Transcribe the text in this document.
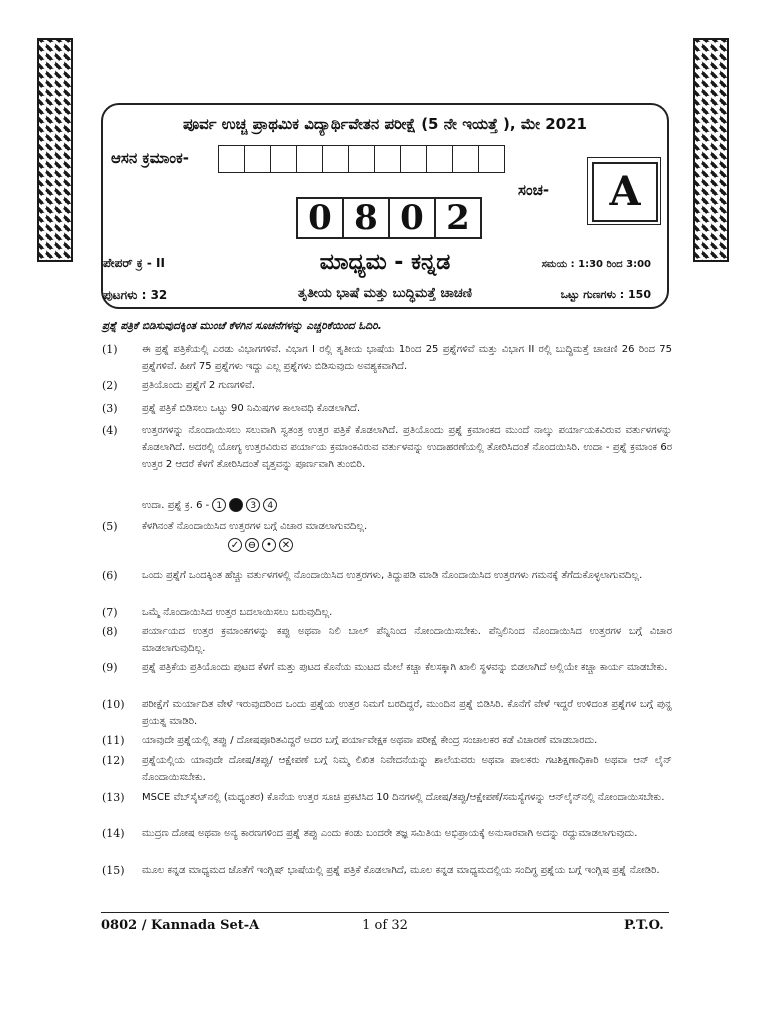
ಪೂರ್ವ ಉಚ್ಚ ಪ್ರಾಥಮಿಕ ವಿದ್ಯಾರ್ಥಿವೇತನ ಪರೀಕ್ಷೆ (5 ನೇ ಇಯತ್ತೆ ), ಮೇ 2021
ಆಸನ ಕ್ರಮಾಂಕ-
0 8 0 2
ಸಂಚ-	A
ಮಾಧ್ಯಮ - ಕನ್ನಡ
ಪೇಪರ್ ಕ್ರ - II	ಸಮಯ : 1:30 ರಿಂದ 3:00
ಪುಟಗಳು : 32	ತೃತೀಯ ಭಾಷೆ ಮತ್ತು ಬುದ್ಧಿಮತ್ತೆ ಚಾಚಣಿ	ಒಟ್ಟು ಗುಣಗಳು : 150
ಪ್ರಶ್ನೆ ಪತ್ರಿಕೆ ಬಿಡಿಸುವುದಕ್ಕಿಂತ ಮುಂಚೆ ಕೆಳಗಿನ ಸೂಚನೆಗಳನ್ನು ಎಚ್ಚರಿಕೆಯಿಂದ ಓದಿರಿ.
(1) ಈ ಪ್ರಶ್ನೆ ಪತ್ರಿಕೆಯಲ್ಲಿ ಎರಡು ವಿಭಾಗಗಳಿವೆ. ವಿಭಾಗ I ರಲ್ಲಿ ತೃತೀಯ ಭಾಷೆಯ 1ರಿಂದ 25 ಪ್ರಶ್ನೆಗಳಿವೆ ಮತ್ತು ವಿಭಾಗ II ರಲ್ಲಿ ಬುದ್ಧಿಮತ್ತೆ ಚಾಚಣಿ 26 ರಿಂದ 75 ಪ್ರಶ್ನೆಗಳಿವೆ. ಹೀಗೆ 75 ಪ್ರಶ್ನೆಗಳು ಇದ್ದು ಎಲ್ಲ ಪ್ರಶ್ನೆಗಳು ಬಿಡಿಸುವುದು ಅವಶ್ಯಕವಾಗಿದೆ.
(2) ಪ್ರತಿಯೊಂದು ಪ್ರಶ್ನೆಗೆ 2 ಗುಣಗಳಿವೆ.
(3) ಪ್ರಶ್ನೆ ಪತ್ರಿಕೆ ಬಿಡಿಸಲು ಒಟ್ಟು 90 ನಿಮಿಷಗಳ ಕಾಲಾವಧಿ ಕೊಡಲಾಗಿದೆ.
(4) ಉತ್ತರಗಳನ್ನು ನೊಂದಾಯಿಸಲು ಸಲುವಾಗಿ ಸ್ವತಂತ್ರ ಉತ್ತರ ಪತ್ರಿಕೆ ಕೊಡಲಾಗಿದೆ. ಪ್ರತಿಯೊಂದು ಪ್ರಶ್ನೆ ಕ್ರಮಾಂಕದ ಮುಂದೆ ನಾಲ್ಕು ಪರ್ಯಾಯಕವಿರುವ ವರ್ತುಳಗಳನ್ನು ಕೊಡಲಾಗಿದೆ. ಅದರಲ್ಲಿ ಯೋಗ್ಯ ಉತ್ತರವಿರುವ ಪರ್ಯಾಯ ಕ್ರಮಾಂಕವಿರುವ ವರ್ತುಳವನ್ನು ಉದಾಹರಣೆಯಲ್ಲಿ ತೋರಿಸಿದಂತೆ ನೊಂದಯಿಸಿರಿ. ಉದಾ - ಪ್ರಶ್ನೆ ಕ್ರಮಾಂಕ 6ರ ಉತ್ತರ 2 ಆದರೆ ಕೆಳಗೆ ತೋರಿಸಿದಂತೆ ವೃತ್ತವನ್ನು ಪೂರ್ಣವಾಗಿ ತುಂಬಿರಿ.
ಉದಾ. ಪ್ರಶ್ನೆ ಕ್ರ. 6 - 1	3	4
(5) ಕೆಳಗಿನಂತೆ ನೊಂದಾಯಿಸಿದ ಉತ್ತರಗಳ ಬಗ್ಗೆ ವಿಚಾರ ಮಾಡಲಾಗುವದಿಲ್ಲ.
✓ ⊖ • ✕
(6) ಒಂದು ಪ್ರಶ್ನೆಗೆ ಒಂದಕ್ಕಿಂತ ಹೆಚ್ಚು ವರ್ತುಳಗಳಲ್ಲಿ ನೊಂದಾಯಿಸಿದ ಉತ್ತರಗಳು, ತಿದ್ದುಪಡಿ ಮಾಡಿ ನೊಂದಾಯಿಸಿದ ಉತ್ತರಗಳು ಗಮನಕ್ಕೆ ತೆಗೆದುಕೊಳ್ಳಲಾಗುವದಿಲ್ಲ.
(7) ಒಮ್ಮೆ ನೊಂದಾಯಿಸಿದ ಉತ್ತರ ಬದಲಾಯಿಸಲು ಬರುವುದಿಲ್ಲ.
(8) ಪರ್ಯಾಯದ ಉತ್ತರ ಕ್ರಮಾಂಕಗಳನ್ನು ಕಪ್ಪು ಅಥವಾ ನಿಲಿ ಬಾಲ್ ಪೆನ್ನಿನಿಂದ ನೋಂದಾಯಿಸಬೇಕು. ಪೆನ್ಸಿಲಿನಿಂದ ನೊಂದಾಯಿಸಿದ ಉತ್ತರಗಳ ಬಗ್ಗೆ ವಿಚಾರ ಮಾಡಲಾಗುವುದಿಲ್ಲ.
(9) ಪ್ರಶ್ನೆ ಪತ್ರಿಕೆಯ ಪ್ರತಿಯೊಂದು ಪುಟದ ಕೆಳಗೆ ಮತ್ತು ಪುಟದ ಕೊನೆಯ ಮುಟದ ಮೇಲೆ ಕಚ್ಚಾ ಕೆಲಸಕ್ಕಾಗಿ ಖಾಲಿ ಸ್ಥಳವನ್ನು ಬಿಡಲಾಗಿದೆ ಅಲ್ಲಿಯೇ ಕಚ್ಚಾ ಕಾರ್ಯ ಮಾಡಬೇಕು.
(10) ಪರೀಕ್ಷೆಗೆ ಮರ್ಯಾದಿತ ವೇಳೆ ಇರುವುದರಿಂದ ಒಂದು ಪ್ರಶ್ನೆಯ ಉತ್ತರ ನಿಮಗೆ ಬರದಿದ್ದರೆ, ಮುಂದಿನ ಪ್ರಶ್ನೆ ಬಿಡಿಸಿರಿ. ಕೊನೆಗೆ ವೇಳೆ ಇದ್ದರೆ ಉಳಿದಂತ ಪ್ರಶ್ನೆಗಳ ಬಗ್ಗೆ ಪುನ್ಹ ಪ್ರಯತ್ನ ಮಾಡಿರಿ.
(11) ಯಾವುದೇ ಪ್ರಶ್ನೆಯಲ್ಲಿ ತಪ್ಪು / ದೋಷಪೂರಿತವಿದ್ದರೆ ಅದರ ಬಗ್ಗೆ ಪರ್ಯಾವೇಕ್ಷಕ ಅಥವಾ ಪರೀಕ್ಷೆ ಕೇಂದ್ರ ಸಂಚಾಲಕರ ಕಡೆ ವಿಚಾರಣೆ ಮಾಡಬಾರದು.
(12) ಪ್ರಶ್ನೆಯಲ್ಲಿಯ ಯಾವುದೇ ದೋಷ/ತಪ್ಪು/ ಆಕ್ಷೇಪಣೆ ಬಗ್ಗೆ ನಿಮ್ಮ ಲಿಖಿತ ನಿವೇದನೆಯನ್ನು ಶಾಲೆಯವರು ಅಥವಾ ಪಾಲಕರು ಗಟಶಿಕ್ಷಣಾಧಿಕಾರಿ ಅಥವಾ ಆನ್ ಲೈನ್ ನೊಂದಾಯಿಸಬೇಕು.
(13) MSCE ವೆಬ್‌ಸೈಟ್‌ನಲ್ಲಿ (ಮಧ್ಯಂತರ) ಕೊನೆಯ ಉತ್ತರ ಸೂಚಿ ಪ್ರಕಟಿಸಿದ 10 ದಿನಗಳಲ್ಲಿ ದೋಷ/ತಪ್ಪು/ಆಕ್ಷೇಪಣೆ/ಸಮಸ್ಯೆಗಳನ್ನು ಆನ್‌ಲೈನ್‌ನಲ್ಲಿ ನೋಂದಾಯಿಸಬೇಕು.
(14) ಮುದ್ರಣ ದೋಷ ಅಥವಾ ಅನ್ಯ ಕಾರಣಗಳಿಂದ ಪ್ರಶ್ನೆ ತಪ್ಪು ಎಂದು ಕಂಡು ಬಂದರೇ ತಜ್ಞ ಸಮಿತಿಯ ಅಭಿಪ್ರಾಯಕ್ಕೆ ಅನುಸಾರವಾಗಿ ಅದನ್ನು ರದ್ದುಮಾಡಲಾಗುವುದು.
(15) ಮೂಲ ಕನ್ನಡ ಮಾಧ್ಯಮದ ಜೊತೆಗೆ ಇಂಗ್ಲಿಷ್ ಭಾಷೆಯಲ್ಲಿ ಪ್ರಶ್ನೆ ಪತ್ರಿಕೆ ಕೊಡಲಾಗಿದೆ, ಮೂಲ ಕನ್ನಡ ಮಾಧ್ಯಮದಲ್ಲಿಯ ಸಂದಿಗ್ಧ ಪ್ರಶ್ನೆಯ ಬಗ್ಗೆ ಇಂಗ್ಲಿಷ ಪ್ರಶ್ನೆ ನೋಡಿರಿ.
0802 / Kannada Set-A	1 of 32	P.T.O.
